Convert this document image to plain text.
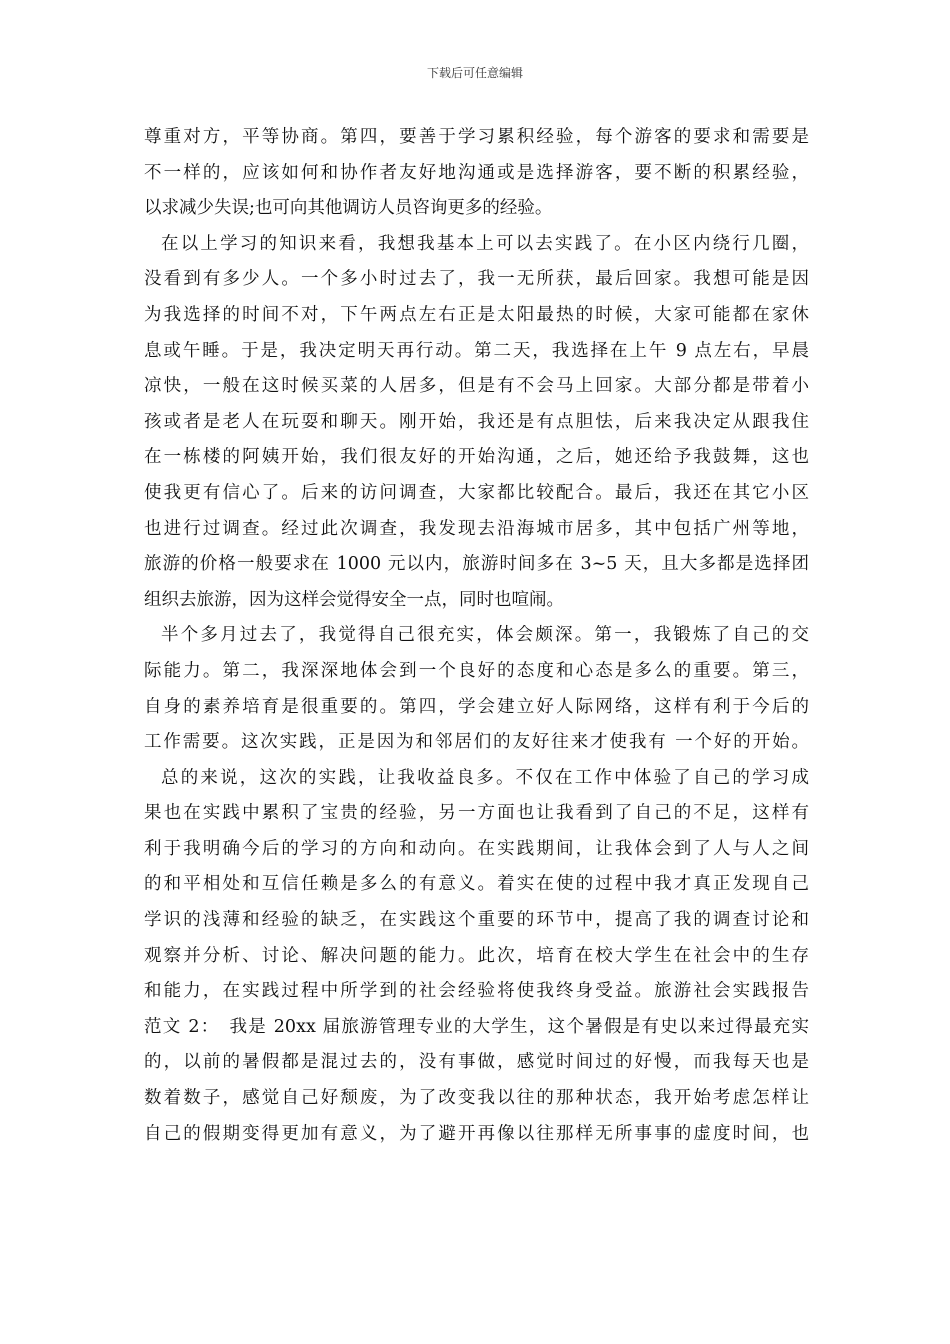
下载后可任意编辑
尊重对方，平等协商。第四，要善于学习累积经验，每个游客的要求和需要是
不一样的，应该如何和协作者友好地沟通或是选择游客，要不断的积累经验，
以求减少失误;也可向其他调访人员咨询更多的经验。
在以上学习的知识来看，我想我基本上可以去实践了。在小区内绕行几圈，
没看到有多少人。一个多小时过去了，我一无所获，最后回家。我想可能是因
为我选择的时间不对，下午两点左右正是太阳最热的时候，大家可能都在家休
息或午睡。于是，我决定明天再行动。第二天，我选择在上午 9 点左右，早晨
凉快，一般在这时候买菜的人居多，但是有不会马上回家。大部分都是带着小
孩或者是老人在玩耍和聊天。刚开始，我还是有点胆怯，后来我决定从跟我住
在一栋楼的阿姨开始，我们很友好的开始沟通，之后，她还给予我鼓舞，这也
使我更有信心了。后来的访问调查，大家都比较配合。最后，我还在其它小区
也进行过调查。经过此次调查，我发现去沿海城市居多，其中包括广州等地，
旅游的价格一般要求在 1000 元以内，旅游时间多在 3~5 天，且大多都是选择团
组织去旅游，因为这样会觉得安全一点，同时也喧闹。
半个多月过去了，我觉得自己很充实，体会颇深。第一，我锻炼了自己的交
际能力。第二，我深深地体会到一个良好的态度和心态是多么的重要。第三，
自身的素养培育是很重要的。第四，学会建立好人际网络，这样有利于今后的
工作需要。这次实践，正是因为和邻居们的友好往来才使我有 一个好的开始。
总的来说，这次的实践，让我收益良多。不仅在工作中体验了自己的学习成
果也在实践中累积了宝贵的经验，另一方面也让我看到了自己的不足，这样有
利于我明确今后的学习的方向和动向。在实践期间，让我体会到了人与人之间
的和平相处和互信任赖是多么的有意义。着实在使的过程中我才真正发现自己
学识的浅薄和经验的缺乏，在实践这个重要的环节中，提高了我的调查讨论和
观察并分析、讨论、解决问题的能力。此次，培育在校大学生在社会中的生存
和能力，在实践过程中所学到的社会经验将使我终身受益。旅游社会实践报告
范文 2：　我是 20xx 届旅游管理专业的大学生，这个暑假是有史以来过得最充实
的，以前的暑假都是混过去的，没有事做，感觉时间过的好慢，而我每天也是
数着数子，感觉自己好颓废，为了改变我以往的那种状态，我开始考虑怎样让
自己的假期变得更加有意义，为了避开再像以往那样无所事事的虚度时间，也
